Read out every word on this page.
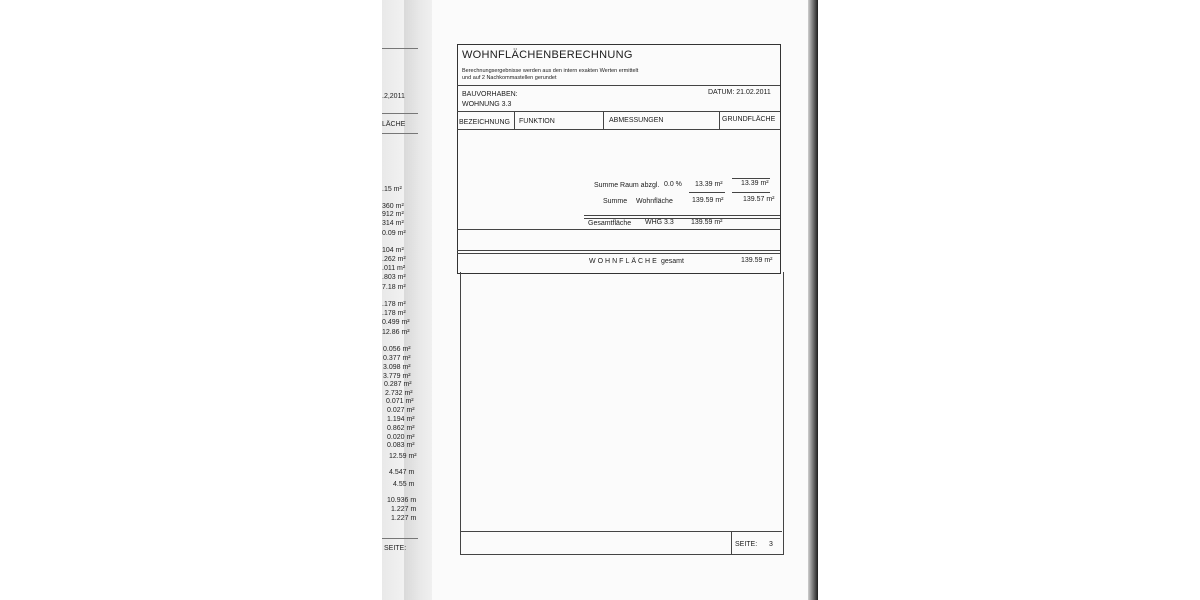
.2,2011
LÄCHE
.15 m²
360 m²
912 m²
314 m²
0.09 m²
104 m²
.262 m²
.011 m²
.803 m²
7.18 m²
.178 m²
.178 m²
0.499 m²
12.86 m²
0.056 m²
0.377 m²
3.098 m²
3.779 m²
0.287 m²
2.732 m²
0.071 m²
0.027 m²
1.194 m²
0.862 m²
0.020 m²
0.083 m²
12.59 m²
4.547 m
4.55 m
10.936 m
1.227 m
1.227 m
SEITE:
WOHNFLÄCHENBERECHNUNG
Berechnungsergebnisse werden aus den intern exakten Werten ermittelt
und auf 2 Nachkommastellen gerundet
BAUVORHABEN:
WOHNUNG 3.3
DATUM: 21.02.2011
BEZEICHNUNG FUNKTION	ABMESSUNGEN	GRUNDFLÄCHE
Summe Raum abzgl. 0.0 % 13.39 m²	13.39 m²
Summe Wohnfläche	139.59 m²	139.57 m²
Gesamtfläche WHG 3.3 139.59 m²
WOHNFLÄCHE gesamt	139.59 m²
SEITE: 3
